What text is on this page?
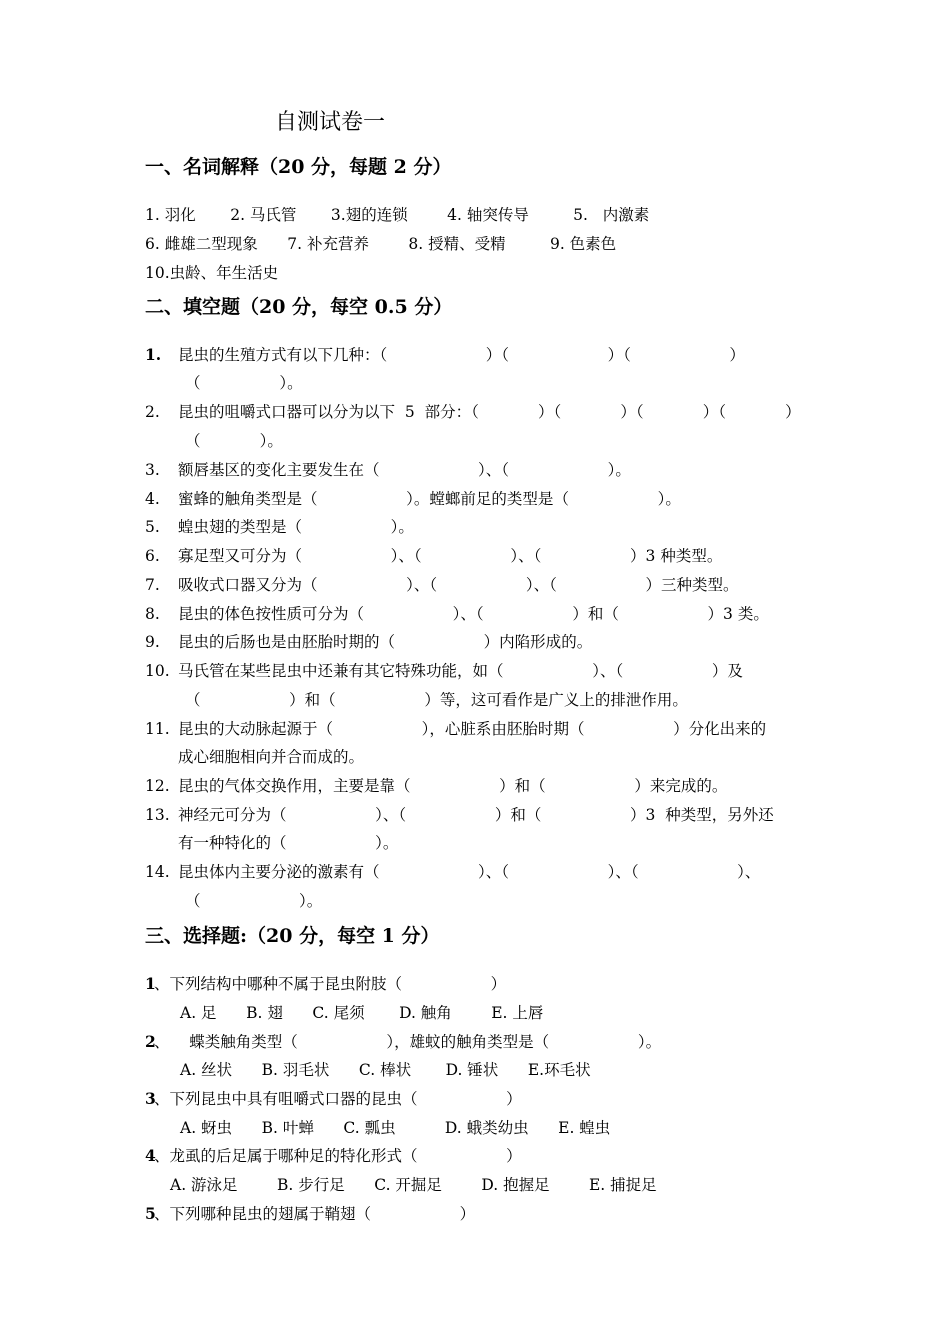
自测试卷一
一、名词解释（20 分，每题 2 分）
1. 羽化       2. 马氏管       3.翅的连锁        4. 轴突传导         5.   内激素
6. 雌雄二型现象      7. 补充营养        8. 授精、受精         9. 色素色
10.虫龄、年生活史
二、填空题（20 分，每空 0.5 分）
1. 昆虫的生殖方式有以下几种：（                    ）（                    ）（                    ）
（                ）。
2. 昆虫的咀嚼式口器可以分为以下  5  部分：（            ）（            ）（            ）（            ）
（            ）。
3. 额唇基区的变化主要发生在（                    ）、（                    ）。
4. 蜜蜂的触角类型是（                  ）。螳螂前足的类型是（                  ）。
5. 蝗虫翅的类型是（                  ）。
6. 寡足型又可分为（                  ）、（                  ）、（                  ）3 种类型。
7. 吸收式口器又分为（                  ）、（                  ）、（                  ）三种类型。
8. 昆虫的体色按性质可分为（                  ）、（                  ）和（                  ）3 类。
9. 昆虫的后肠也是由胚胎时期的（                  ）内陷形成的。
10. 马氏管在某些昆虫中还兼有其它特殊功能，如（                  ）、（                  ）及
（                  ）和（                  ）等，这可看作是广义上的排泄作用。
11. 昆虫的大动脉起源于（                  ），心脏系由胚胎时期（                  ）分化出来的
成心细胞相向并合而成的。
12. 昆虫的气体交换作用，主要是靠（                  ）和（                  ）来完成的。
13. 神经元可分为（                  ）、（                  ）和（                  ）3  种类型，另外还
有一种特化的（                  ）。
14. 昆虫体内主要分泌的激素有（                    ）、（                    ）、（                    ）、
（                    ）。
三、选择题:（20 分，每空 1 分）
1
、下列结构中哪种不属于昆虫附肢（                  ）
A. 足      B. 翅      C. 尾须       D. 触角        E. 上唇
2
、    蝶类触角类型（                  ），雄蚊的触角类型是（                  ）。
A. 丝状      B. 羽毛状      C. 棒状       D. 锤状      E.环毛状
3
、下列昆虫中具有咀嚼式口器的昆虫（                  ）
A. 蚜虫      B. 叶蝉      C. 瓢虫          D. 蛾类幼虫      E. 蝗虫
4
、龙虱的后足属于哪种足的特化形式（                  ）
A. 游泳足        B. 步行足      C. 开掘足        D. 抱握足        E. 捕捉足
5
、下列哪种昆虫的翅属于鞘翅（                  ）
